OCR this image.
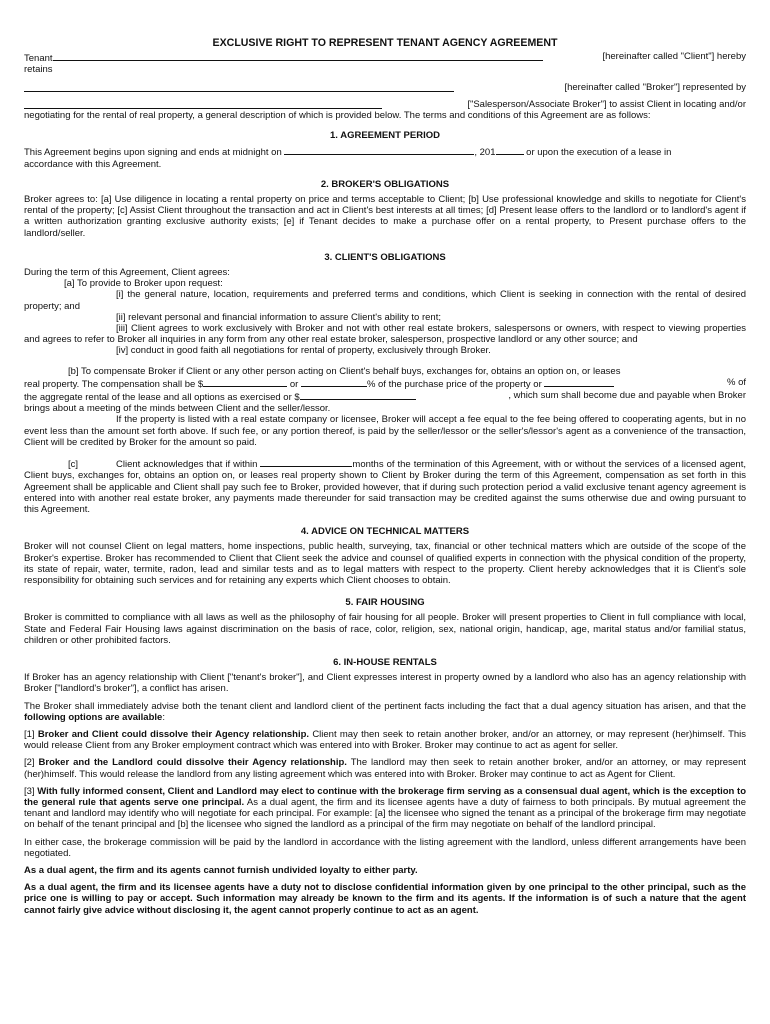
EXCLUSIVE RIGHT TO REPRESENT TENANT AGENCY AGREEMENT

Tenant	[hereinafter called "Client"] hereby

retains

[hereinafter called "Broker"] represented by
["Salesperson/Associate Broker"] to assist Client in locating and/or

negotiating for the rental of real property, a general description of which is provided below. The terms and conditions of this Agreement are as follows:

1. AGREEMENT PERIOD

This Agreement begins upon signing and ends at midnight on	, 201	or upon the execution of a lease in

accordance with this Agreement.

2. BROKER'S OBLIGATIONS

Broker agrees to: [a] Use diligence in locating a rental property on price and terms acceptable to Client; [b] Use professional knowledge and skills to negotiate for Client's rental of the property; [c] Assist Client throughout the transaction and act in Client's best interests at all times; [d] Present lease offers to the landlord or to landlord's agent if a written authorization granting exclusive authority exists; [e] if Tenant decides to make a purchase offer on a rental property, to Present purchase offers to the landlord/seller.

3. CLIENT'S OBLIGATIONS

During the term of this Agreement, Client agrees:

[a] To provide to Broker upon request:

[i] the general nature, location, requirements and preferred terms and conditions, which Client is seeking in connection with the rental of desired property; and

[ii] relevant personal and financial information to assure Client's ability to rent;

[iii] Client agrees to work exclusively with Broker and not with other real estate brokers, salespersons or owners, with respect to viewing properties and agrees to refer to Broker all inquiries in any form from any other real estate broker, salesperson, prospective landlord or any other source; and

[iv] conduct in good faith all negotiations for rental of property, exclusively through Broker.

[b] To compensate Broker if Client or any other person acting on Client's behalf buys, exchanges for, obtains an option on, or leases

real property. The compensation shall be $	or	% of the purchase price of the property or	% of
the aggregate rental of the lease and all options as exercised or $	, which sum shall become due and payable when Broker

brings about a meeting of the minds between Client and the seller/lessor.

If the property is listed with a real estate company or licensee, Broker will accept a fee equal to the fee being offered to cooperating agents, but in no event less than the amount set forth above. If such fee, or any portion thereof, is paid by the seller/lessor or the seller's/lessor's agent as a convenience of the transaction, Client will be credited by Broker for the amount so paid.

[c]	Client acknowledges that if within	months of the termination of this Agreement, with or without the services of a licensed agent, Client buys, exchanges for, obtains an option on, or leases real property shown to Client by Broker during the term of this Agreement, compensation as set forth in this Agreement shall be applicable and Client shall pay such fee to Broker, provided however, that if during such protection period a valid exclusive tenant agency agreement is entered into with another real estate broker, any payments made thereunder for said transaction may be credited against the sums otherwise due and owing pursuant to this Agreement.

4. ADVICE ON TECHNICAL MATTERS

Broker will not counsel Client on legal matters, home inspections, public health, surveying, tax, financial or other technical matters which are outside of the scope of the Broker's expertise. Broker has recommended to Client that Client seek the advice and counsel of qualified experts in connection with the physical condition of the property, its state of repair, water, termite, radon, lead and similar tests and as to legal matters with respect to the property. Client hereby acknowledges that it is Client's sole responsibility for obtaining such services and for retaining any experts which Client chooses to obtain.

5. FAIR HOUSING

Broker is committed to compliance with all laws as well as the philosophy of fair housing for all people. Broker will present properties to Client in full compliance with local, State and Federal Fair Housing laws against discrimination on the basis of race, color, religion, sex, national origin, handicap, age, marital status and/or familial status, children or other prohibited factors.

6. IN-HOUSE RENTALS

If Broker has an agency relationship with Client ["tenant's broker"], and Client expresses interest in property owned by a landlord who also has an agency relationship with Broker ["landlord's broker"], a conflict has arisen.

The Broker shall immediately advise both the tenant client and landlord client of the pertinent facts including the fact that a dual agency situation has arisen, and that the following options are available:

[1] Broker and Client could dissolve their Agency relationship. Client may then seek to retain another broker, and/or an attorney, or may represent (her)himself. This would release Client from any Broker employment contract which was entered into with Broker. Broker may continue to act as agent for seller.

[2] Broker and the Landlord could dissolve their Agency relationship. The landlord may then seek to retain another broker, and/or an attorney, or may represent (her)himself. This would release the landlord from any listing agreement which was entered into with Broker. Broker may continue to act as Agent for Client.

[3] With fully informed consent, Client and Landlord may elect to continue with the brokerage firm serving as a consensual dual agent, which is the exception to the general rule that agents serve one principal. As a dual agent, the firm and its licensee agents have a duty of fairness to both principals. By mutual agreement the tenant and landlord may identify who will negotiate for each principal. For example: [a] the licensee who signed the tenant as a principal of the brokerage firm may negotiate on behalf of the tenant principal and [b] the licensee who signed the landlord as a principal of the firm may negotiate on behalf of the landlord principal.

In either case, the brokerage commission will be paid by the landlord in accordance with the listing agreement with the landlord, unless different arrangements have been negotiated.

As a dual agent, the firm and its agents cannot furnish undivided loyalty to either party.

As a dual agent, the firm and its licensee agents have a duty not to disclose confidential information given by one principal to the other principal, such as the price one is willing to pay or accept. Such information may already be known to the firm and its agents. If the information is of such a nature that the agent cannot fairly give advice without disclosing it, the agent cannot properly continue to act as an agent.
